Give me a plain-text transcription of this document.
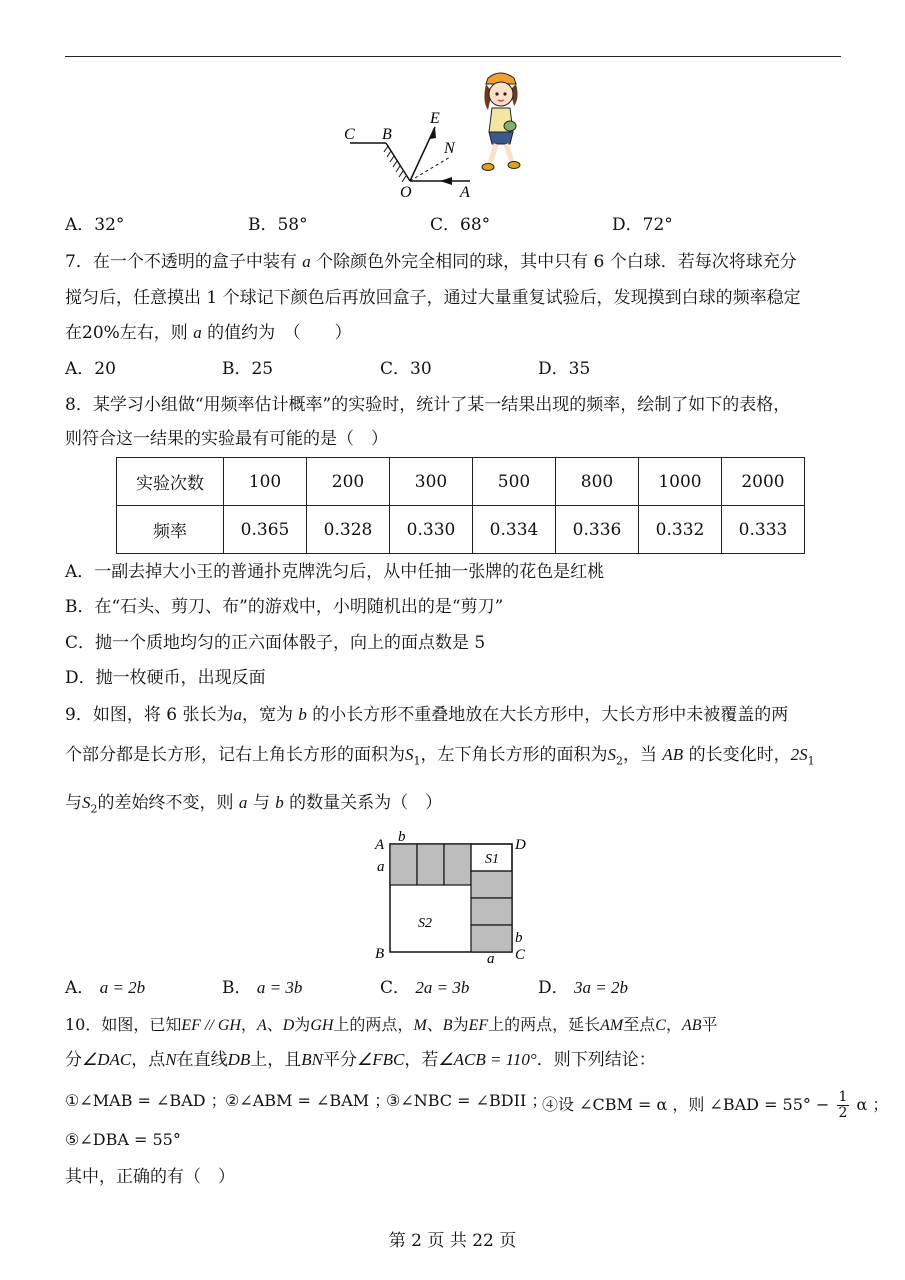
C B
E
N
O	A
A．32°	B．58°	C．68°	D．72°
7．在一个不透明的盒子中装有 a 个除颜色外完全相同的球，其中只有 6 个白球．若每次将球充分
搅匀后，任意摸出 1 个球记下颜色后再放回盒子，通过大量重复试验后，发现摸到白球的频率稳定
在20%左右，则 a 的值约为　（　　）
A．20	B．25	C．30	D．35
8．某学习小组做“用频率估计概率”的实验时，统计了某一结果出现的频率，绘制了如下的表格，
则符合这一结果的实验最有可能的是（　）
实验次数	100	200	300	500	800	1000	2000
频率	0.365	0.328	0.330	0.334	0.336	0.332	0.333
A．一副去掉大小王的普通扑克牌洗匀后，从中任抽一张牌的花色是红桃
B．在“石头、剪刀、布”的游戏中，小明随机出的是“剪刀”
C．抛一个质地均匀的正六面体骰子，向上的面点数是 5
D．抛一枚硬币，出现反面
9．如图，将 6 张长为a，宽为 b 的小长方形不重叠地放在大长方形中，大长方形中未被覆盖的两
个部分都是长方形，记右上角长方形的面积为$S_1$，左下角长方形的面积为$S_2$，当 AB 的长变化时，$2S_1$
与$S_2$的差始终不变，则 a 与 b 的数量关系为（　）
A b	D
a	S1
S2
B
b
a C
A． a = 2b	B． a = 3b	C． 2a = 3b	D． 3a = 2b
10．如图，已知EF // GH，A、D为GH上的两点，M、B为EF上的两点，延长AM至点C，AB平
分∠DAC，点N在直线DB上，且BN平分∠FBC，若∠ACB = 110°．则下列结论：
①∠MAB = ∠BAD ；
②∠ABM = ∠BAM ；
③∠NBC = ∠BDII ；
④设 ∠CBM = α ，则 ∠BAD = $55^\circ - \frac{1}{2}$ α ；
⑤∠DBA = 55°
其中，正确的有（　）
第 2 页 共 22 页
